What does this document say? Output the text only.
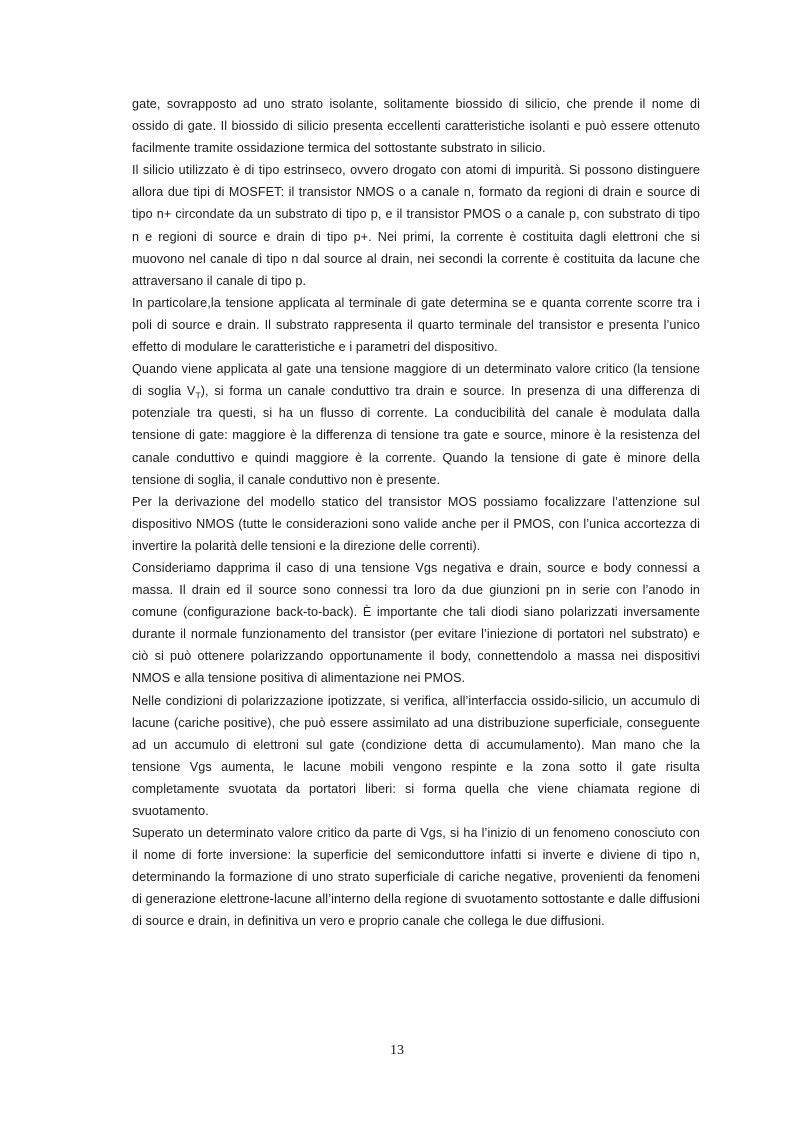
gate, sovrapposto ad uno strato isolante, solitamente biossido di silicio, che prende il nome di ossido di gate. Il biossido di silicio presenta eccellenti caratteristiche isolanti e può essere ottenuto facilmente tramite ossidazione termica del sottostante substrato in silicio.

Il silicio utilizzato è di tipo estrinseco, ovvero drogato con atomi di impurità. Si possono distinguere allora due tipi di MOSFET: il transistor NMOS o a canale n, formato da regioni di drain e source di tipo n+ circondate da un substrato di tipo p, e il transistor PMOS o a canale p, con substrato di tipo n e regioni di source e drain di tipo p+. Nei primi, la corrente è costituita dagli elettroni che si muovono nel canale di tipo n dal source al drain, nei secondi la corrente è costituita da lacune che attraversano il canale di tipo p.

In particolare,la tensione applicata al terminale di gate determina se e quanta corrente scorre tra i poli di source e drain. Il substrato rappresenta il quarto terminale del transistor e presenta l’unico effetto di modulare le caratteristiche e i parametri del dispositivo.

Quando viene applicata al gate una tensione maggiore di un determinato valore critico (la tensione di soglia $V_T$), si forma un canale conduttivo tra drain e source. In presenza di una differenza di potenziale tra questi, si ha un flusso di corrente. La conducibilità del canale è modulata dalla tensione di gate: maggiore è la differenza di tensione tra gate e source, minore è la resistenza del canale conduttivo e quindi maggiore è la corrente. Quando la tensione di gate è minore della tensione di soglia, il canale conduttivo non è presente.

Per la derivazione del modello statico del transistor MOS possiamo focalizzare l’attenzione sul dispositivo NMOS (tutte le considerazioni sono valide anche per il PMOS, con l’unica accortezza di invertire la polarità delle tensioni e la direzione delle correnti).

Consideriamo dapprima il caso di una tensione Vgs negativa e drain, source e body connessi a massa. Il drain ed il source sono connessi tra loro da due giunzioni pn in serie con l’anodo in comune (configurazione back-to-back). È importante che tali diodi siano polarizzati inversamente durante il normale funzionamento del transistor (per evitare l’iniezione di portatori nel substrato) e ciò si può ottenere polarizzando opportunamente il body, connettendolo a massa nei dispositivi NMOS e alla tensione positiva di alimentazione nei PMOS.

Nelle condizioni di polarizzazione ipotizzate, si verifica, all’interfaccia ossido-silicio, un accumulo di lacune (cariche positive), che può essere assimilato ad una distribuzione superficiale, conseguente ad un accumulo di elettroni sul gate (condizione detta di accumulamento). Man mano che la tensione Vgs aumenta, le lacune mobili vengono respinte e la zona sotto il gate risulta completamente svuotata da portatori liberi: si forma quella che viene chiamata regione di svuotamento.

Superato un determinato valore critico da parte di Vgs, si ha l’inizio di un fenomeno conosciuto con il nome di forte inversione: la superficie del semiconduttore infatti si inverte e diviene di tipo n, determinando la formazione di uno strato superficiale di cariche negative, provenienti da fenomeni di generazione elettrone-lacune all’interno della regione di svuotamento sottostante e dalle diffusioni di source e drain, in definitiva un vero e proprio canale che collega le due diffusioni.

13
